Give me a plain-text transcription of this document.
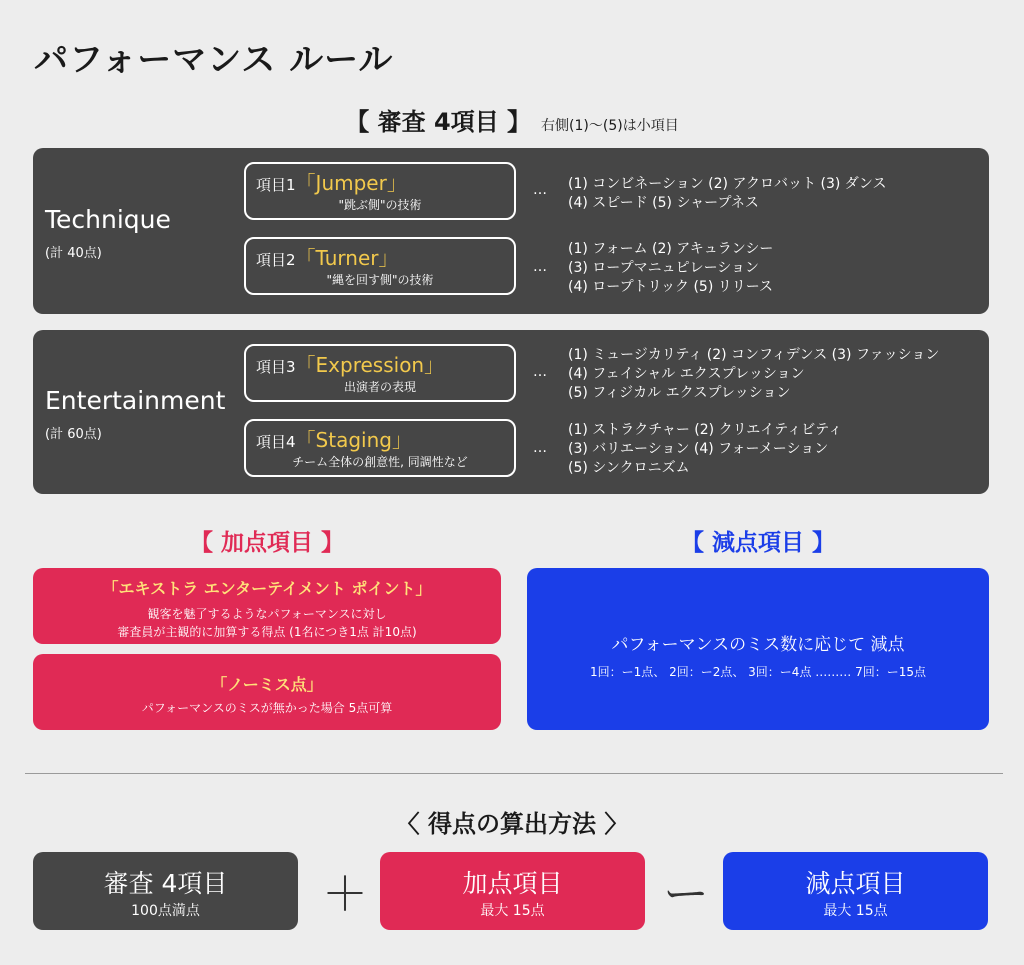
パフォーマンス ルール
【 審査 4項目 】 右側(1)〜(5)は小項目
Technique
(計 40点)
項目1「Jumper」
"跳ぶ側"の技術
… (1) コンビネーション (2) アクロバット (3) ダンス
(4) スピード (5) シャープネス
項目2「Turner」
"縄を回す側"の技術
…
(1) フォーム (2) アキュランシー
(3) ロープマニュピレーション
(4) ロープトリック (5) リリース
Entertainment
(計 60点)
項目3「Expression」
出演者の表現
…
(1) ミュージカリティ (2) コンフィデンス (3) ファッション
(4) フェイシャル エクスプレッション
(5) フィジカル エクスプレッション
項目4「Staging」
チーム全体の創意性, 同調性など
…
(1) ストラクチャー (2) クリエイティビティ
(3) バリエーション (4) フォーメーション
(5) シンクロニズム
【 加点項目 】	【 減点項目 】
「エキストラ エンターテイメント ポイント」
観客を魅了するようなパフォーマンスに対し
審査員が主観的に加算する得点 (1名につき1点 計10点)
「ノーミス点」
パフォーマンスのミスが無かった場合 5点可算
パフォーマンスのミス数に応じて 減点
1回：ー1点、 2回：ー2点、 3回：ー4点 ……… 7回：ー15点
〈 得点の算出方法 〉
審査 4項目
100点満点	＋	加点項目
最大 15点	ー	減点項目
最大 15点
